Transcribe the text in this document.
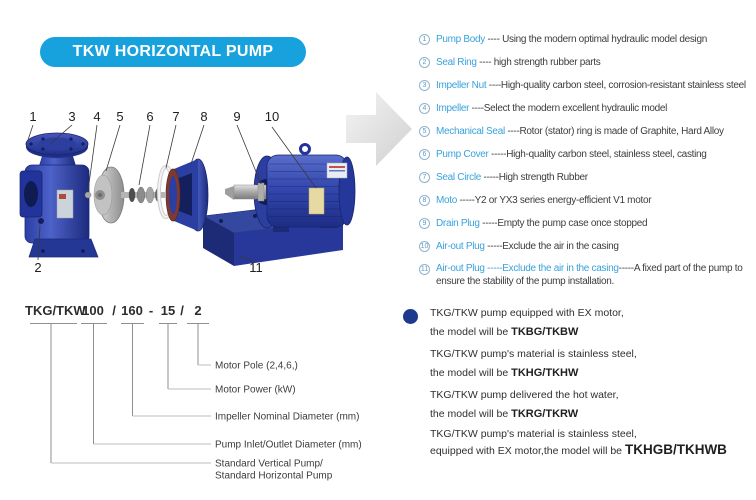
TKW HORIZONTAL PUMP
1 3 4 5 6 7 8 9 10
2	11
1 Pump Body ---- Using the modern optimal hydraulic model design
2 Seal Ring ---- high strength rubber parts
3 Impeller Nut ----High-quality carbon steel, corrosion-resistant stainless steel
4 Impeller ----Select the modern excellent hydraulic model
5 Mechanical Seal ----Rotor (stator) ring is made of Graphite, Hard Alloy
6 Pump Cover -----High-quality carbon steel, stainless steel, casting
7 Seal Circle -----High strength Rubber
8 Moto -----Y2 or YX3 series energy-efficient V1 motor
9 Drain Plug -----Empty the pump case once stopped
10 Air-out Plug -----Exclude the air in the casing
11 Air-out Plug -----Exclude the air in the casing-----A fixed part of the pump to ensure the stability of the pump installation.
TKG/TKW
100 / 160 - 15 / 2
Motor Pole (2,4,6,)
Motor Power (kW)
Impeller Nominal Diameter (mm)
Pump Inlet/Outlet Diameter (mm)
Standard Vertical Pump/
Standard Horizontal Pump

TKG/TKW pump equipped with EX motor,
the model will be TKBG/TKBW

TKG/TKW pump's material is stainless steel,
the model will be TKHG/TKHW

TKG/TKW pump delivered the hot water,
the model will be TKRG/TKRW

TKG/TKW pump's material is stainless steel,
equipped with EX motor,the model will be TKHGB/TKHWB
